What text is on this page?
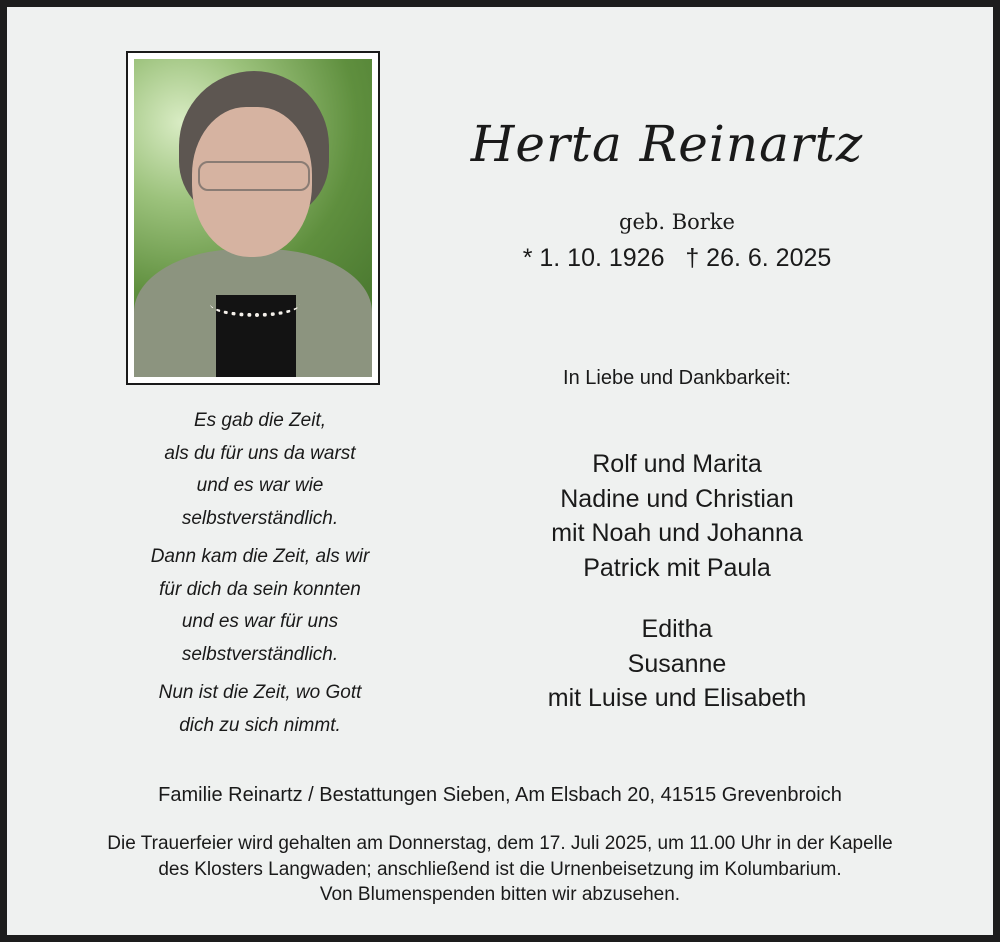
Herta Reinartz
geb. Borke
* 1. 10. 1926   † 26. 6. 2025
In Liebe und Dankbarkeit:
Rolf und Marita
Nadine und Christian
mit Noah und Johanna
Patrick mit Paula
Editha
Susanne
mit Luise und Elisabeth
Es gab die Zeit,
als du für uns da warst
und es war wie
selbstverständlich.
Dann kam die Zeit, als wir
für dich da sein konnten
und es war für uns
selbstverständlich.
Nun ist die Zeit, wo Gott
dich zu sich nimmt.
Familie Reinartz / Bestattungen Sieben, Am Elsbach 20, 41515 Grevenbroich
Die Trauerfeier wird gehalten am Donnerstag, dem 17. Juli 2025, um 11.00 Uhr in der Kapelle
des Klosters Langwaden; anschließend ist die Urnenbeisetzung im Kolumbarium.
Von Blumenspenden bitten wir abzusehen.
